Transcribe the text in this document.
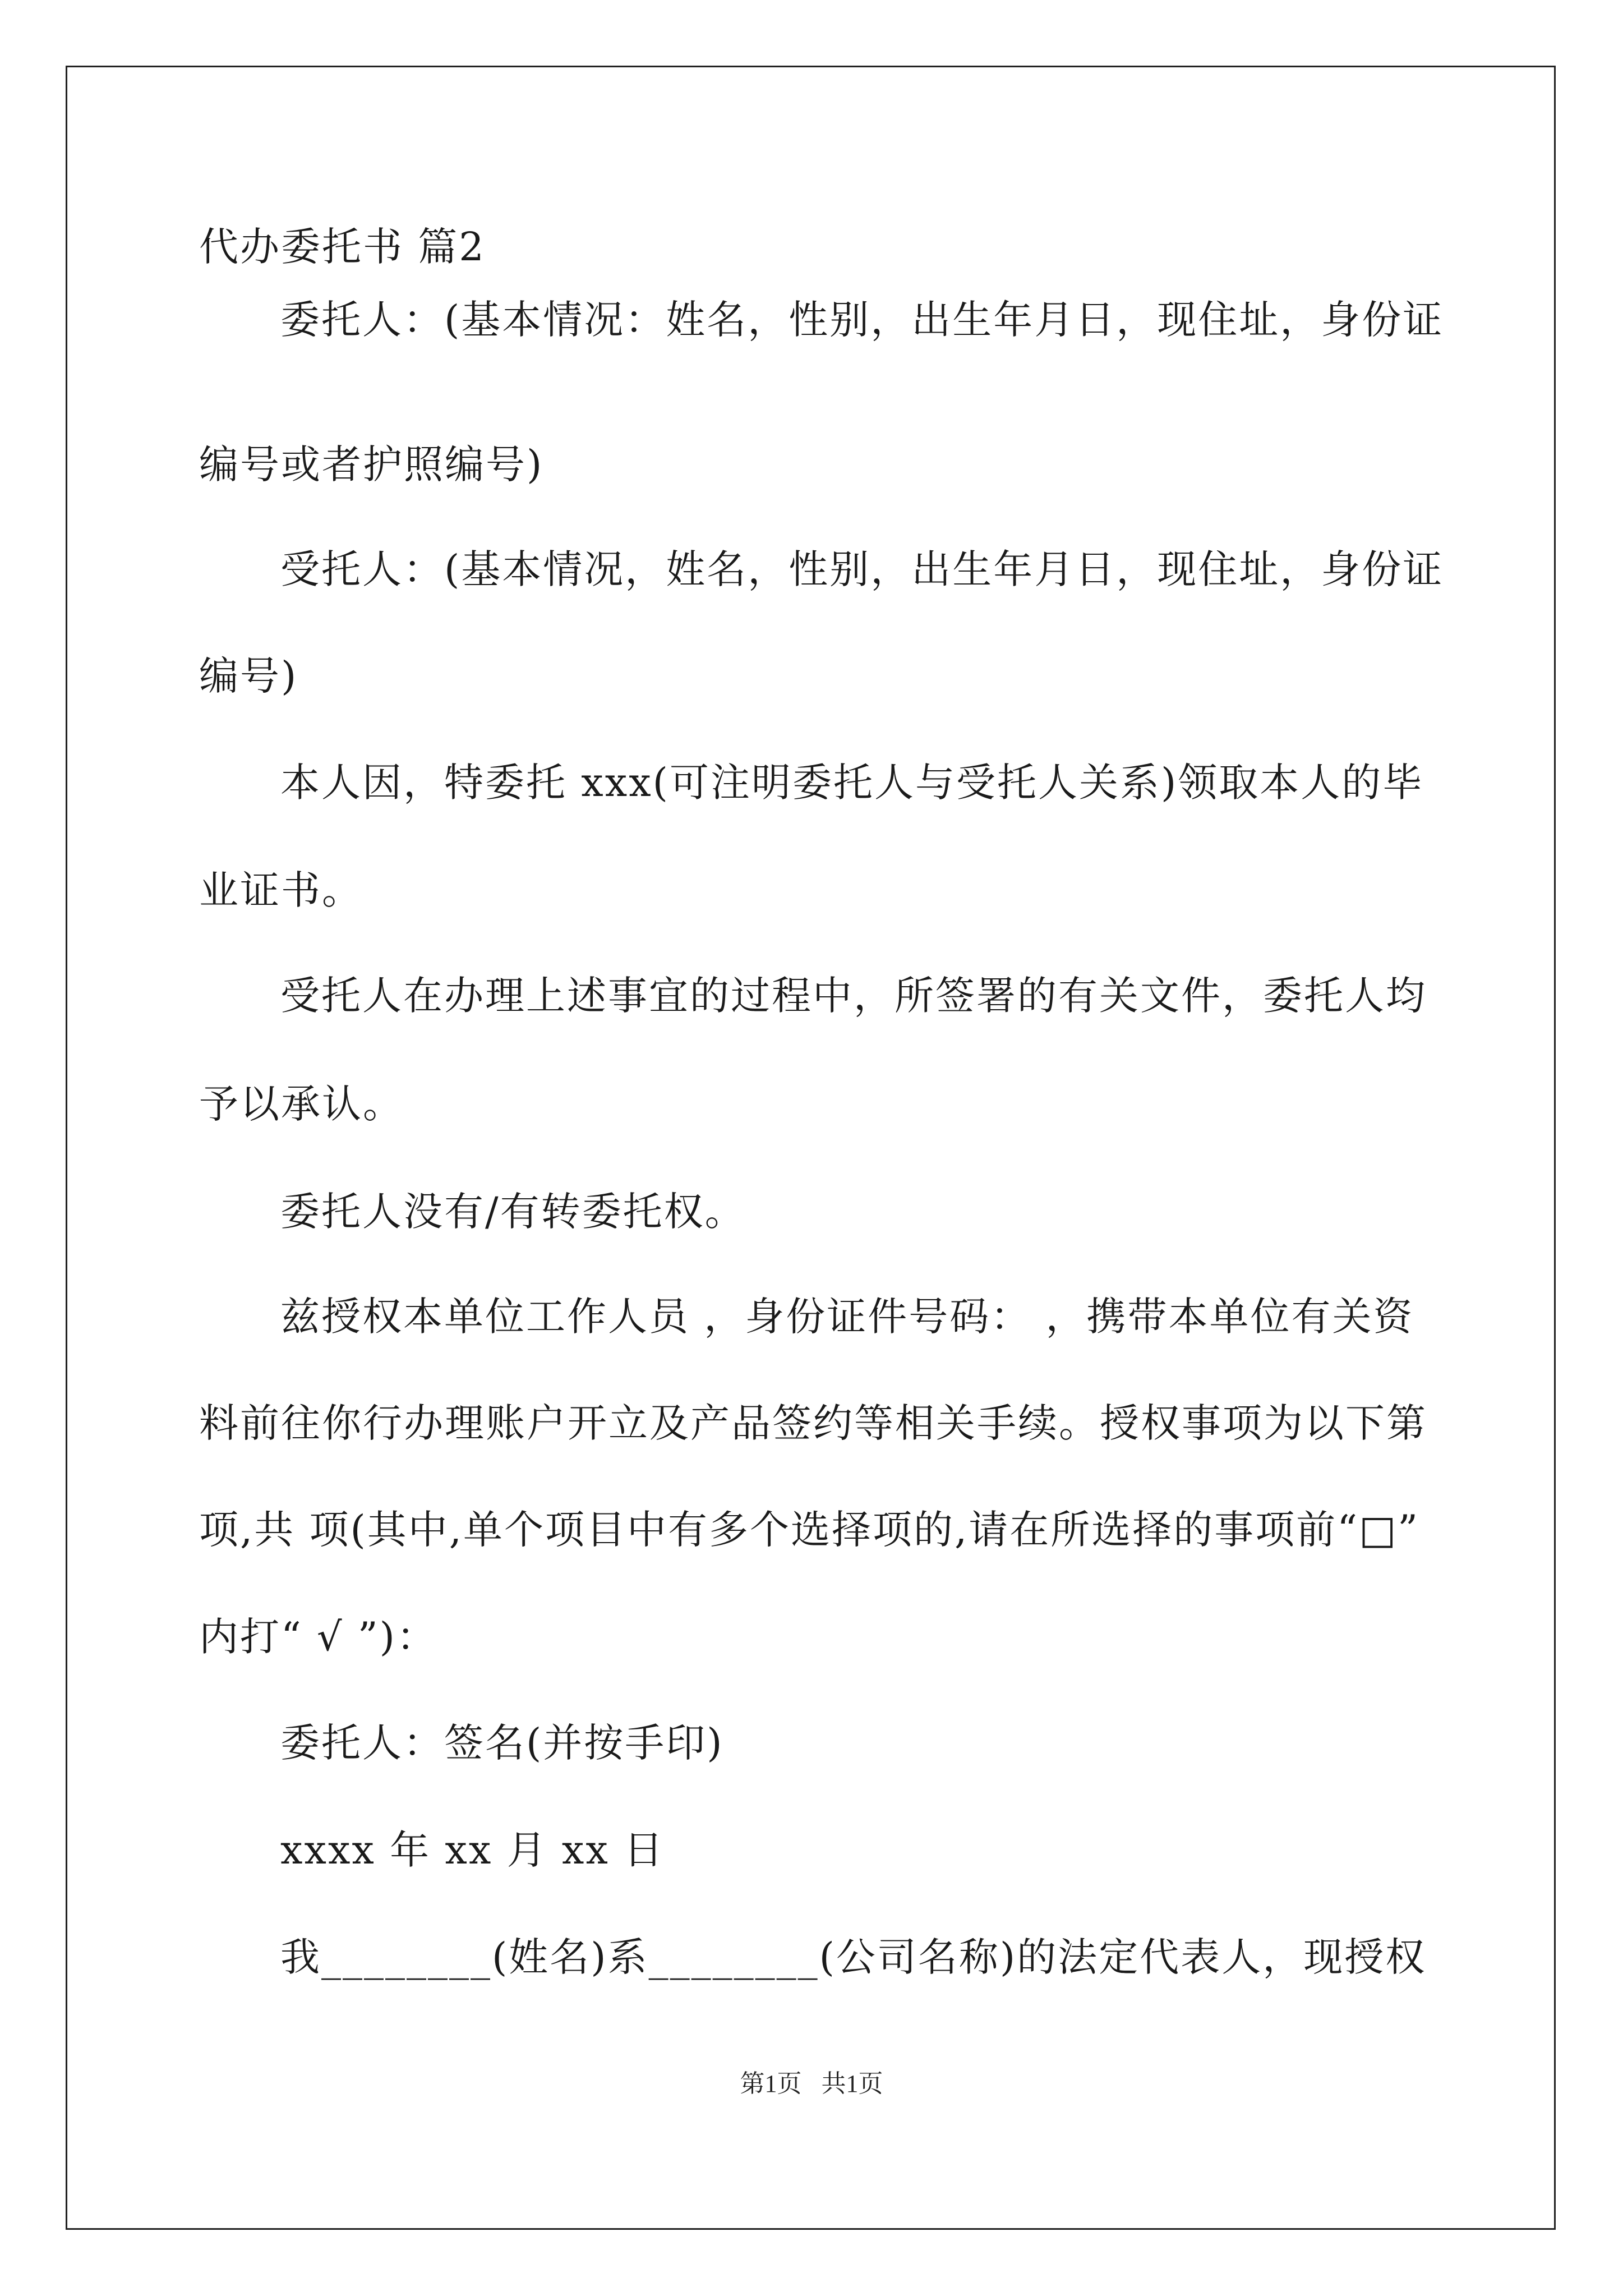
代办委托书 篇2
委托人：(基本情况：姓名，性别，出生年月日，现住址，身份证
编号或者护照编号)
受托人：(基本情况，姓名，性别，出生年月日，现住址，身份证
编号)
本人因，特委托 xxx(可注明委托人与受托人关系)领取本人的毕
业证书。
受托人在办理上述事宜的过程中，所签署的有关文件，委托人均
予以承认。
委托人没有/有转委托权。
兹授权本单位工作人员 ，身份证件号码： ，携带本单位有关资
料前往你行办理账户开立及产品签约等相关手续。授权事项为以下第
项,共 项(其中,单个项目中有多个选择项的,请在所选择的事项前“□”
内打“ √ ”)：
委托人：签名(并按手印)
xxxx 年 xx 月 xx 日
我________(姓名)系________(公司名称)的法定代表人，现授权
第1页 共1页
